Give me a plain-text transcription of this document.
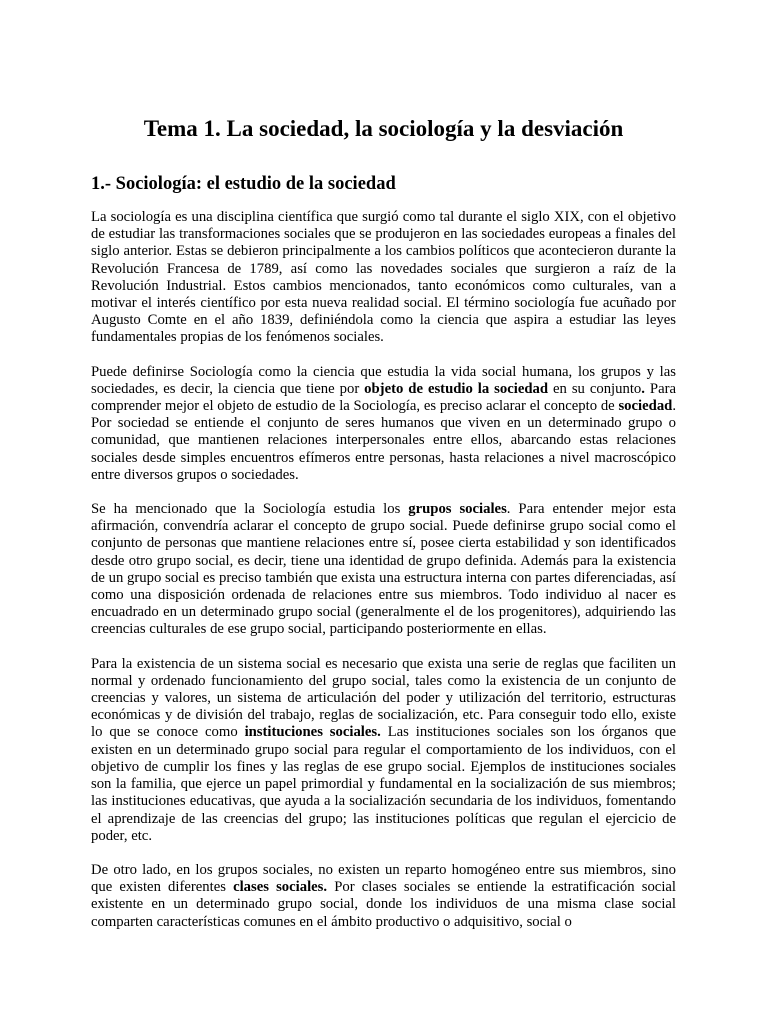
Tema 1. La sociedad, la sociología y la desviación
1.- Sociología: el estudio de la sociedad

La sociología es una disciplina científica que surgió como tal durante el siglo XIX, con el objetivo de estudiar las transformaciones sociales que se produjeron en las sociedades europeas a finales del siglo anterior. Estas se debieron principalmente a los cambios políticos que acontecieron durante la Revolución Francesa de 1789, así como las novedades sociales que surgieron a raíz de la Revolución Industrial. Estos cambios mencionados, tanto económicos como culturales, van a motivar el interés científico por esta nueva realidad social. El término sociología fue acuñado por Augusto Comte en el año 1839, definiéndola como la ciencia que aspira a estudiar las leyes fundamentales propias de los fenómenos sociales.

Puede definirse Sociología como la ciencia que estudia la vida social humana, los grupos y las sociedades, es decir, la ciencia que tiene por objeto de estudio la sociedad en su conjunto. Para comprender mejor el objeto de estudio de la Sociología, es preciso aclarar el concepto de sociedad. Por sociedad se entiende el conjunto de seres humanos que viven en un determinado grupo o comunidad, que mantienen relaciones interpersonales entre ellos, abarcando estas relaciones sociales desde simples encuentros efímeros entre personas, hasta relaciones a nivel macroscópico entre diversos grupos o sociedades.

Se ha mencionado que la Sociología estudia los grupos sociales. Para entender mejor esta afirmación, convendría aclarar el concepto de grupo social. Puede definirse grupo social como el conjunto de personas que mantiene relaciones entre sí, posee cierta estabilidad y son identificados desde otro grupo social, es decir, tiene una identidad de grupo definida. Además para la existencia de un grupo social es preciso también que exista una estructura interna con partes diferenciadas, así como una disposición ordenada de relaciones entre sus miembros. Todo individuo al nacer es encuadrado en un determinado grupo social (generalmente el de los progenitores), adquiriendo las creencias culturales de ese grupo social, participando posteriormente en ellas.

Para la existencia de un sistema social es necesario que exista una serie de reglas que faciliten un normal y ordenado funcionamiento del grupo social, tales como la existencia de un conjunto de creencias y valores, un sistema de articulación del poder y utilización del territorio, estructuras económicas y de división del trabajo, reglas de socialización, etc. Para conseguir todo ello, existe lo que se conoce como instituciones sociales. Las instituciones sociales son los órganos que existen en un determinado grupo social para regular el comportamiento de los individuos, con el objetivo de cumplir los fines y las reglas de ese grupo social. Ejemplos de instituciones sociales son la familia, que ejerce un papel primordial y fundamental en la socialización de sus miembros; las instituciones educativas, que ayuda a la socialización secundaria de los individuos, fomentando el aprendizaje de las creencias del grupo; las instituciones políticas que regulan el ejercicio de poder, etc.

De otro lado, en los grupos sociales, no existen un reparto homogéneo entre sus miembros, sino que existen diferentes clases sociales. Por clases sociales se entiende la estratificación social existente en un determinado grupo social, donde los individuos de una misma clase social comparten características comunes en el ámbito productivo o adquisitivo, social o
